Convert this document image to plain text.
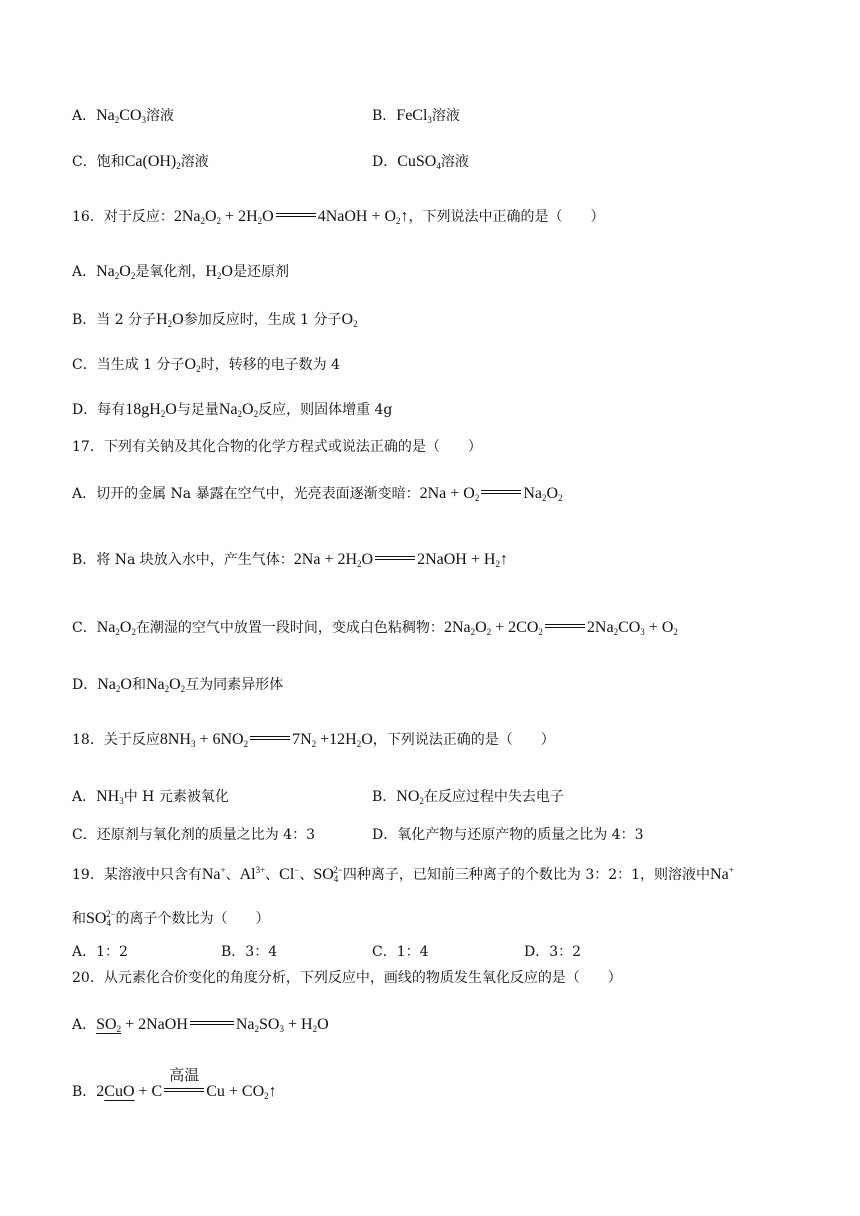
A．$Na_2CO_3$溶液	B．FeCl$_3$溶液
C．饱和$Ca(OH)_2$溶液	D．CuSO$_4$溶液
16．对于反应：$2Na_2O_2 + 2H_2O$	4NaOH + $O_2↑$，下列说法中正确的是（　　）
A．$Na_2O_2$是氧化剂，$H_2O$是还原剂
B．当 2 分子$H_2O$参加反应时，生成 1 分子$O_2$
C．当生成 1 分子$O_2$时，转移的电子数为 4
D．每有$18gH_2O$与足量$Na_2O_2$反应，则固体增重 4g
17．下列有关钠及其化合物的化学方程式或说法正确的是（　　）
A．切开的金属 Na 暴露在空气中，光亮表面逐渐变暗：$2Na + O_2$	$Na_2O_2$
B．将 Na 块放入水中，产生气体：$2Na + 2H_2O$	2NaOH + $H_2↑$
C．$Na_2O_2$在潮湿的空气中放置一段时间，变成白色粘稠物：$2Na_2O_2 + 2CO_2$	$2Na_2CO_3 + O_2$
D．$Na_2O$和$Na_2O_2$互为同素异形体
18．关于反应$8NH_3 + 6NO_2$	$7N_2 +12H_2O$，下列说法正确的是（　　）
A．$NH_3$中 H 元素被氧化	B．$NO_2$在反应过程中失去电子
C．还原剂与氧化剂的质量之比为 4：3	D．氧化产物与还原产物的质量之比为 4：3
19．某溶液中只含有Na+、$Al^{3+}$、Cl−、$SO_4^{2-}$四种离子，已知前三种离子的个数比为 3：2：1，则溶液中Na+
和$SO_4^{2-}$的离子个数比为（　　）
A．1：2	B．3：4	C．1：4	D．3：2
20．从元素化合价变化的角度分析，下列反应中，画线的物质发生氧化反应的是（　　）
A．$SO_2$ + 2NaOH	$Na_2SO_3 + H_2O$
B．2CuO + C
高温
$Cu + CO_2↑$
